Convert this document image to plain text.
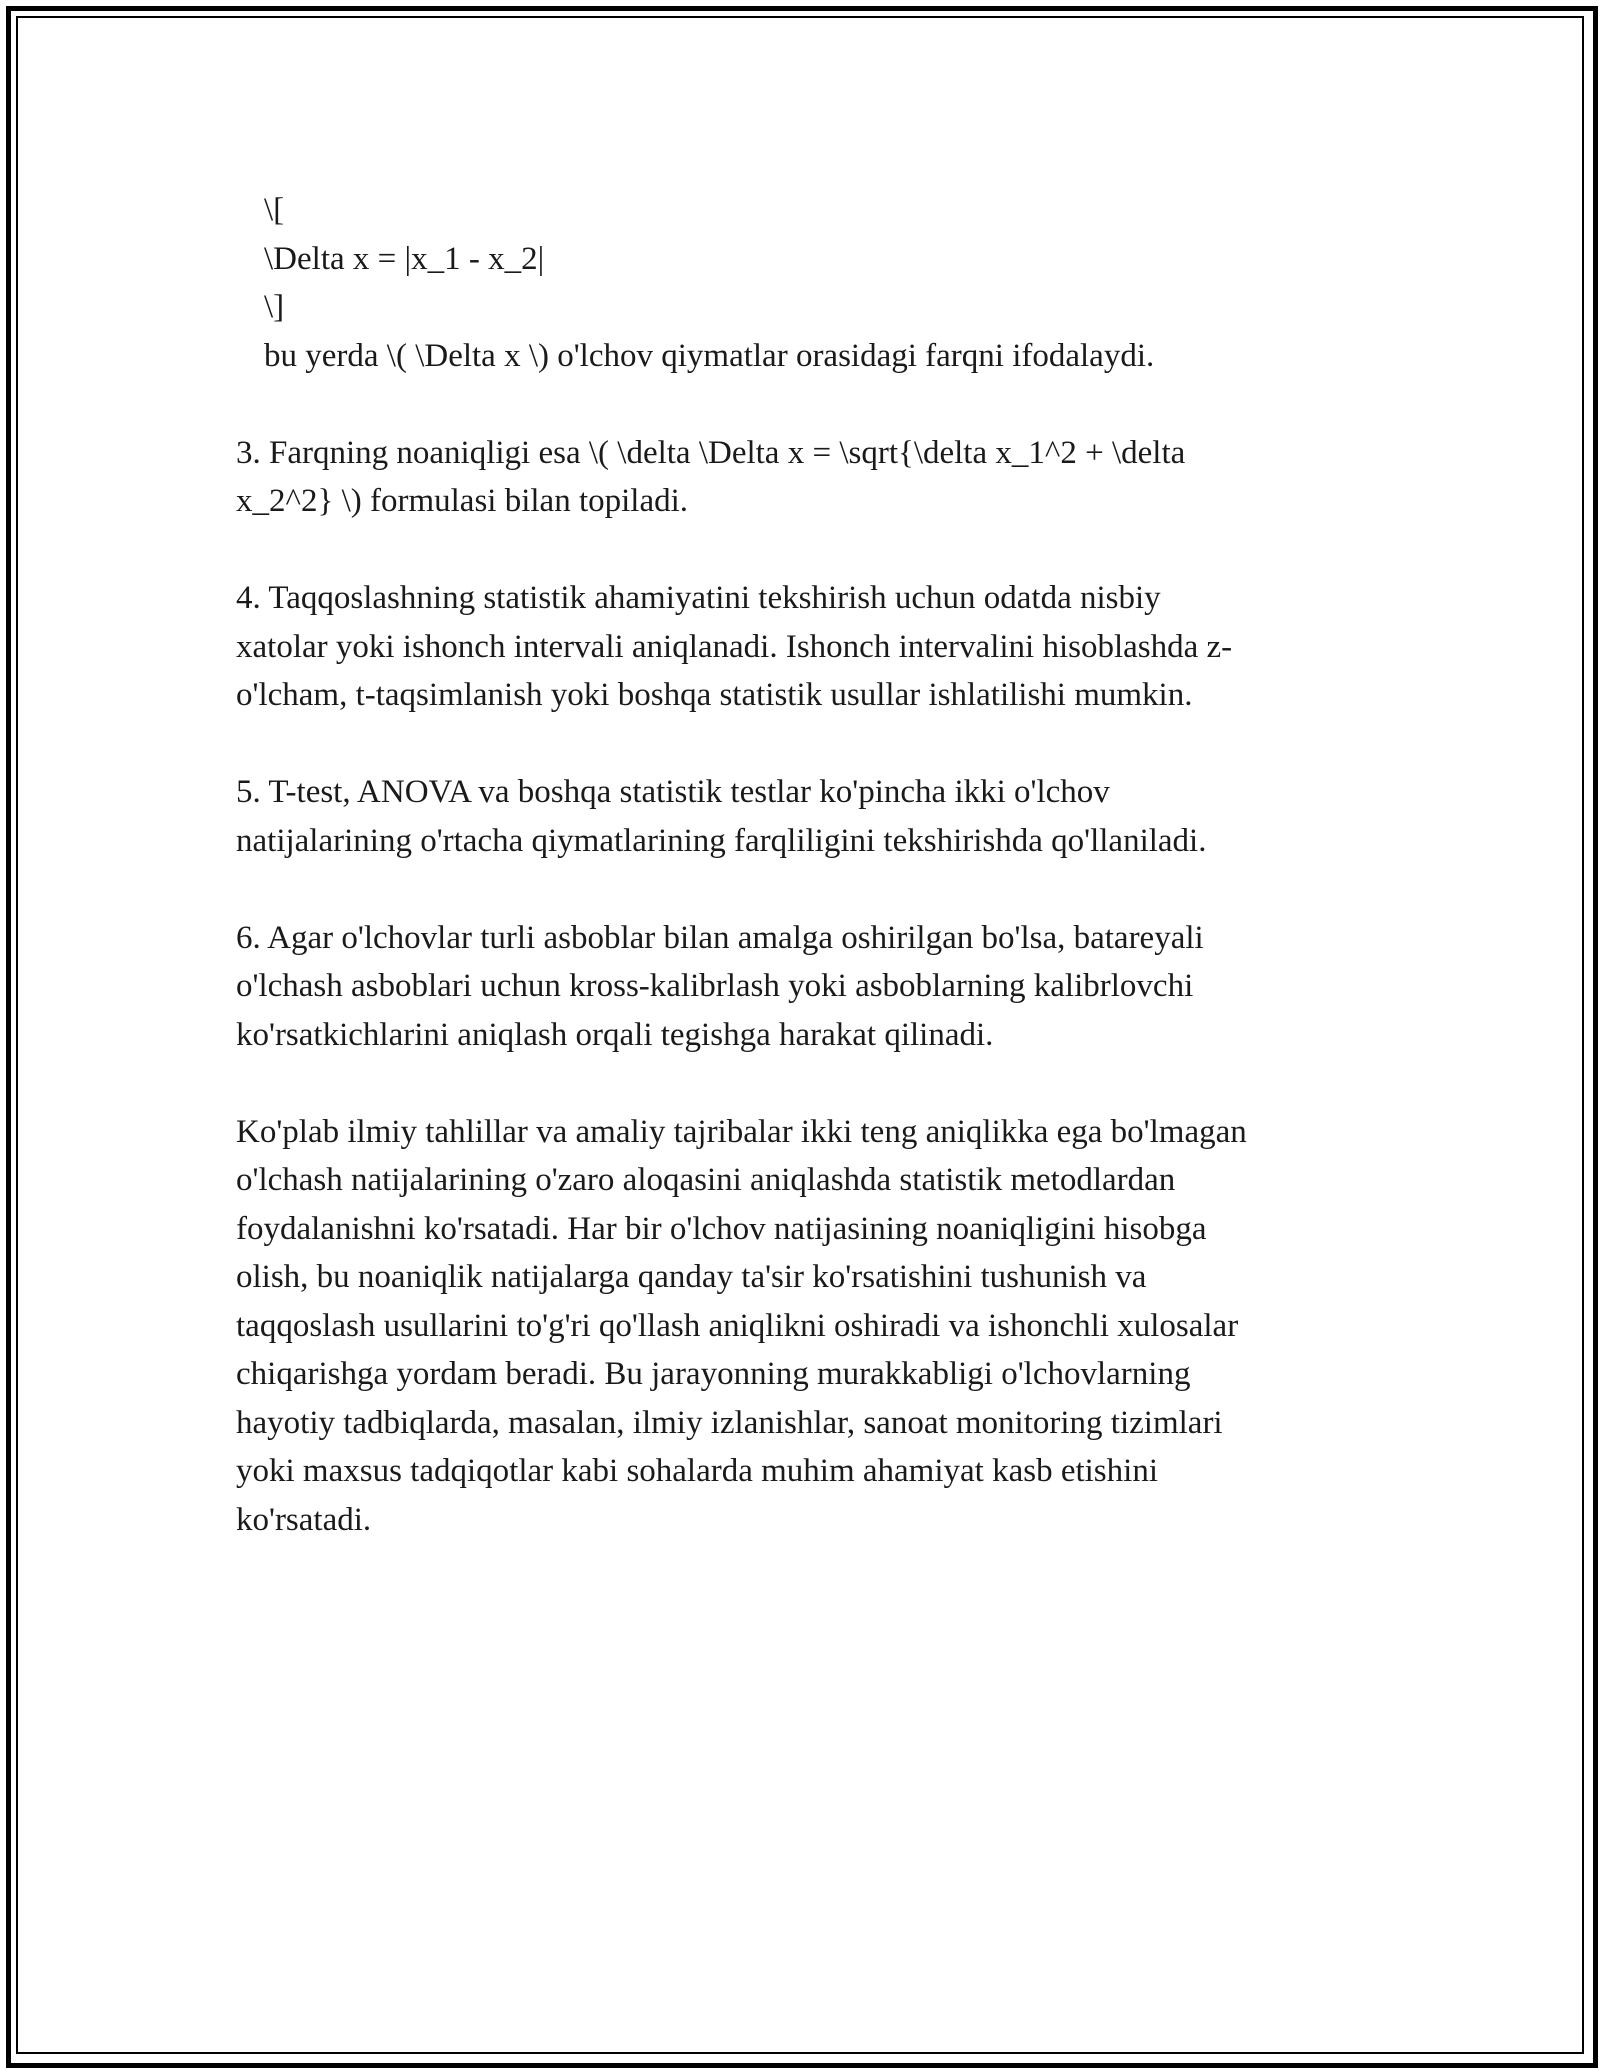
\[
\Delta x = |x_1 - x_2|
\]
bu yerda \( \Delta x \) o'lchov qiymatlar orasidagi farqni ifodalaydi.
3. Farqning noaniqligi esa \( \delta \Delta x = \sqrt{\delta x_1^2 + \delta
x_2^2} \) formulasi bilan topiladi.
4. Taqqoslashning statistik ahamiyatini tekshirish uchun odatda nisbiy
xatolar yoki ishonch intervali aniqlanadi. Ishonch intervalini hisoblashda z-
o'lcham, t-taqsimlanish yoki boshqa statistik usullar ishlatilishi mumkin.
5. T-test, ANOVA va boshqa statistik testlar ko'pincha ikki o'lchov
natijalarining o'rtacha qiymatlarining farqliligini tekshirishda qo'llaniladi.
6. Agar o'lchovlar turli asboblar bilan amalga oshirilgan bo'lsa, batareyali
o'lchash asboblari uchun kross-kalibrlash yoki asboblarning kalibrlovchi
ko'rsatkichlarini aniqlash orqali tegishga harakat qilinadi.
Ko'plab ilmiy tahlillar va amaliy tajribalar ikki teng aniqlikka ega bo'lmagan
o'lchash natijalarining o'zaro aloqasini aniqlashda statistik metodlardan
foydalanishni ko'rsatadi. Har bir o'lchov natijasining noaniqligini hisobga
olish, bu noaniqlik natijalarga qanday ta'sir ko'rsatishini tushunish va
taqqoslash usullarini to'g'ri qo'llash aniqlikni oshiradi va ishonchli xulosalar
chiqarishga yordam beradi. Bu jarayonning murakkabligi o'lchovlarning
hayotiy tadbiqlarda, masalan, ilmiy izlanishlar, sanoat monitoring tizimlari
yoki maxsus tadqiqotlar kabi sohalarda muhim ahamiyat kasb etishini
ko'rsatadi.
